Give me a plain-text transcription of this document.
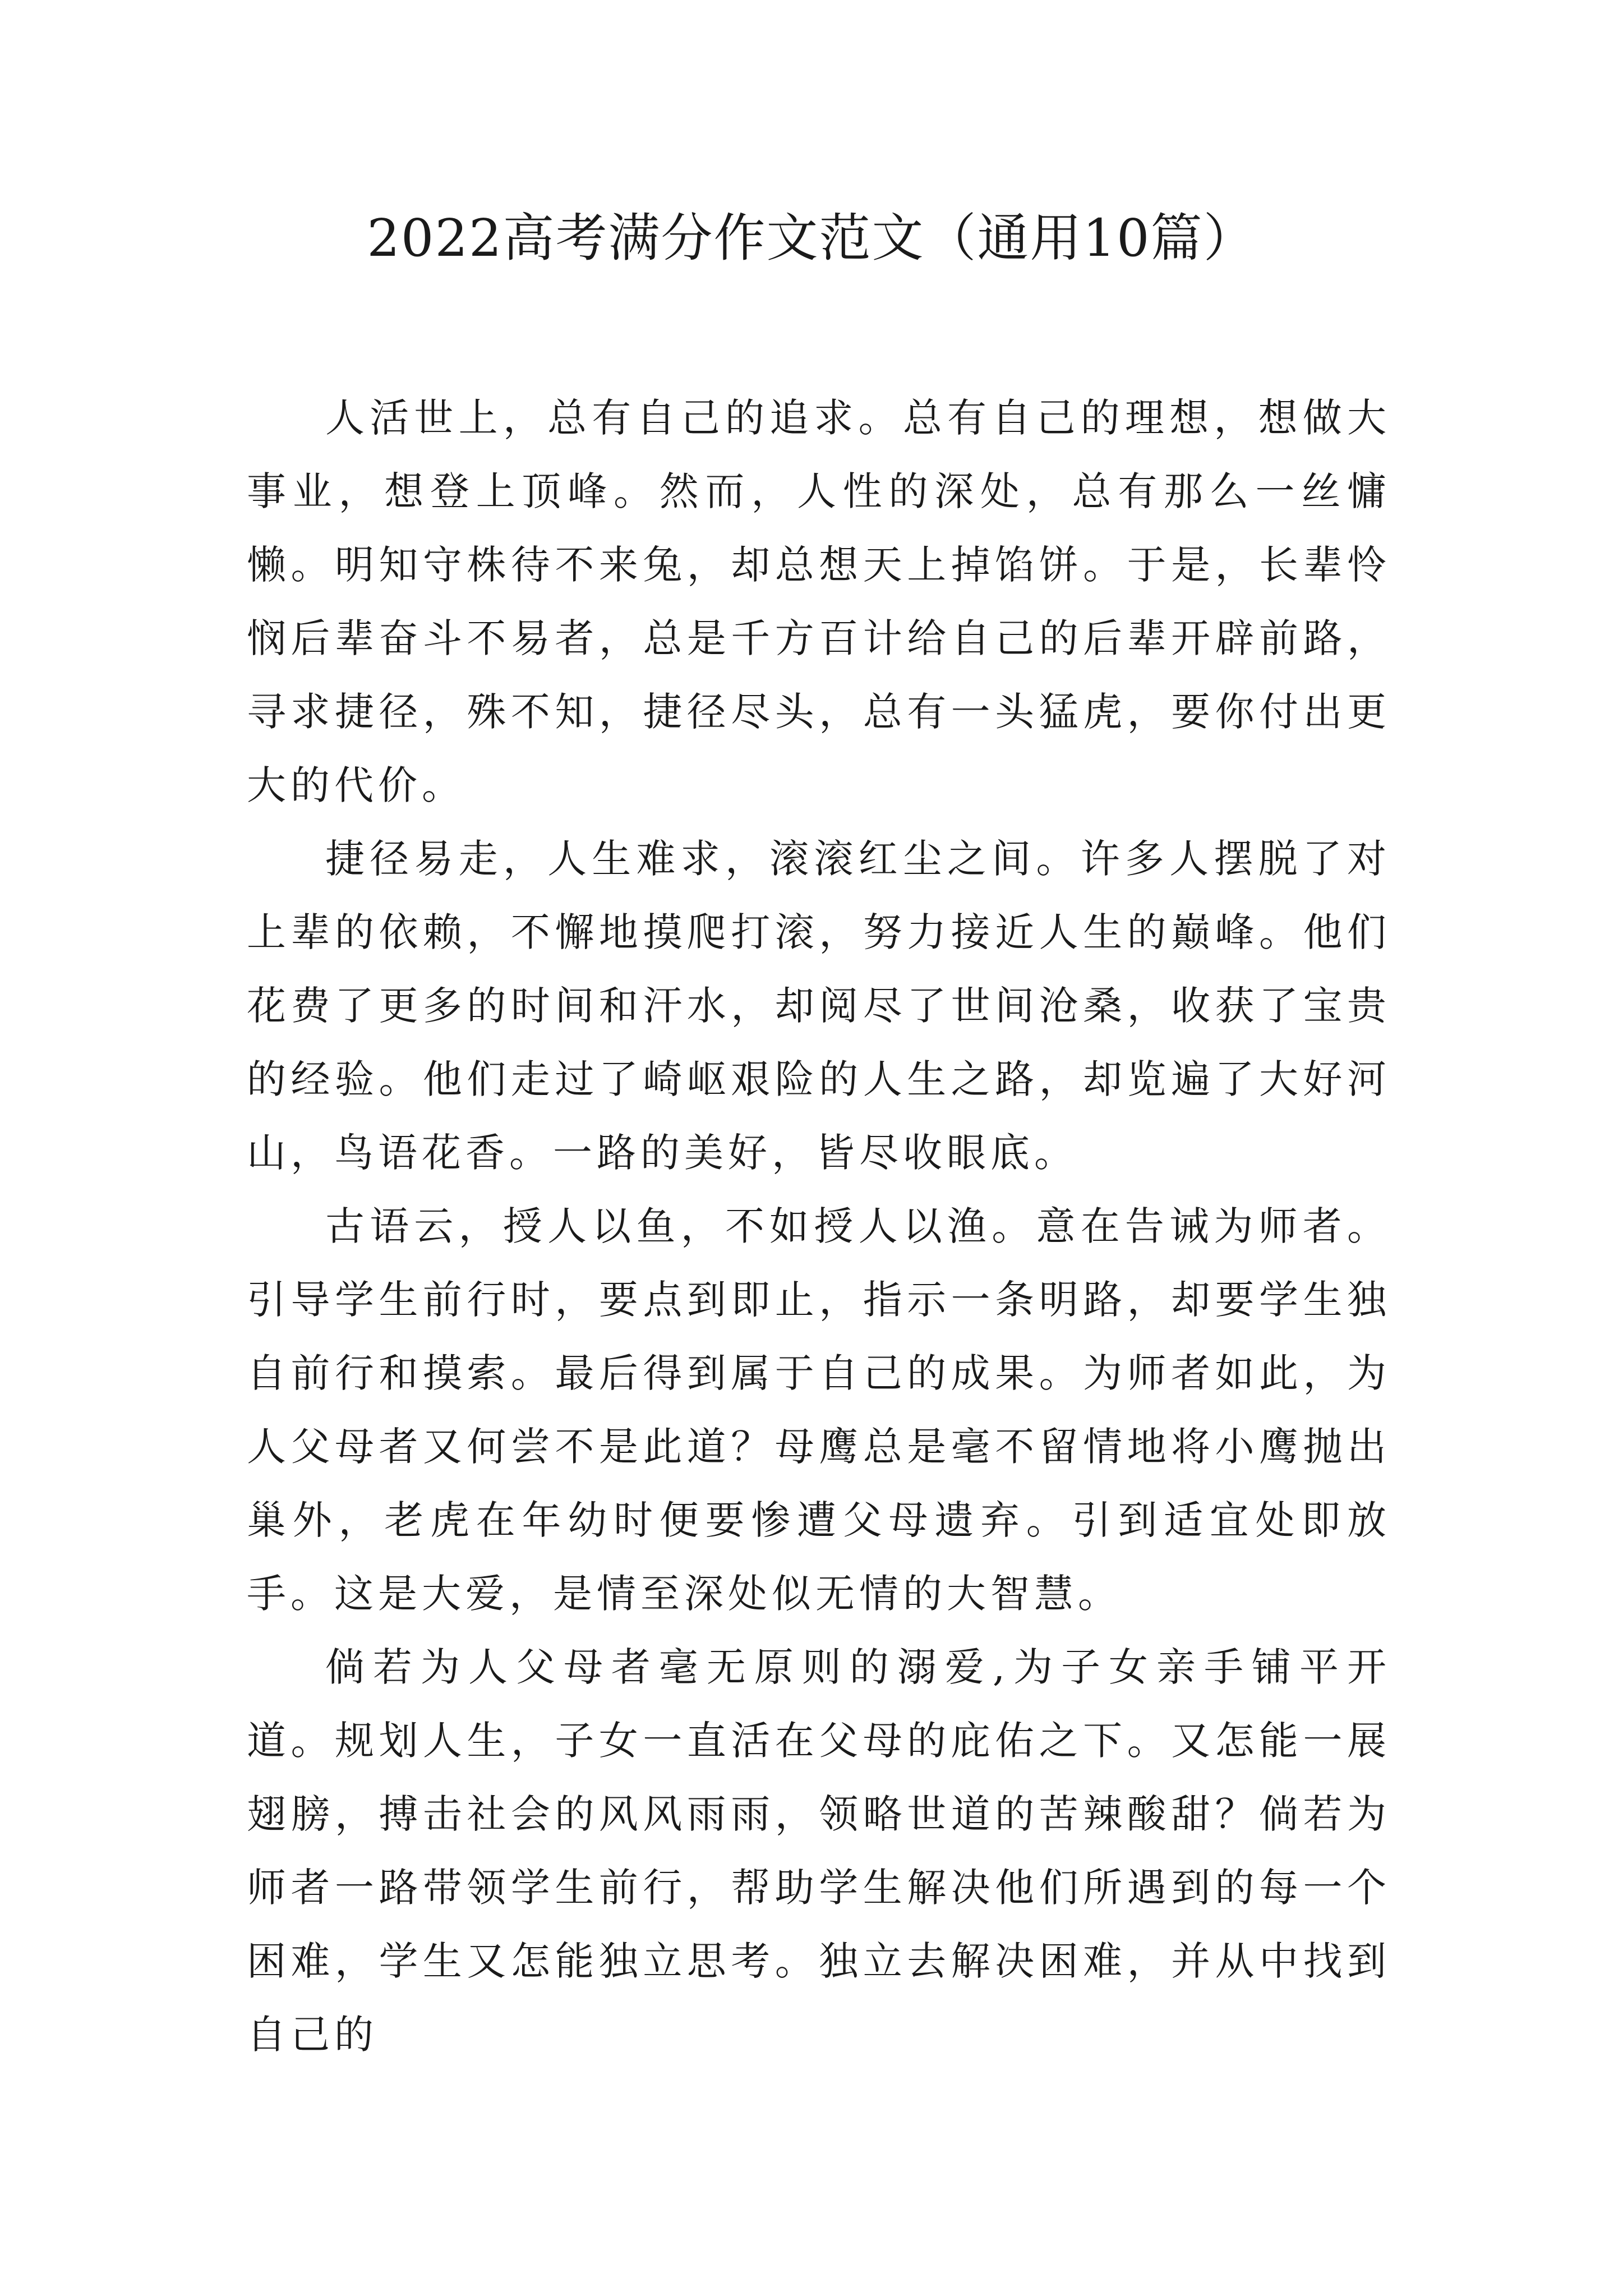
2022高考满分作文范文（通用10篇）

人活世上，总有自己的追求。总有自己的理想，想做大事业，想登上顶峰。然而，人性的深处，总有那么一丝慵懒。明知守株待不来兔，却总想天上掉馅饼。于是，长辈怜悯后辈奋斗不易者，总是千方百计给自己的后辈开辟前路，寻求捷径，殊不知，捷径尽头，总有一头猛虎，要你付出更大的代价。

捷径易走，人生难求，滚滚红尘之间。许多人摆脱了对上辈的依赖，不懈地摸爬打滚，努力接近人生的巅峰。他们花费了更多的时间和汗水，却阅尽了世间沧桑，收获了宝贵的经验。他们走过了崎岖艰险的人生之路，却览遍了大好河山，鸟语花香。一路的美好，皆尽收眼底。

古语云，授人以鱼，不如授人以渔。意在告诫为师者。引导学生前行时，要点到即止，指示一条明路，却要学生独自前行和摸索。最后得到属于自己的成果。为师者如此，为人父母者又何尝不是此道？母鹰总是毫不留情地将小鹰抛出巢外，老虎在年幼时便要惨遭父母遗弃。引到适宜处即放手。这是大爱，是情至深处似无情的大智慧。

倘若为人父母者毫无原则的溺爱,为子女亲手铺平开道。规划人生，子女一直活在父母的庇佑之下。又怎能一展翅膀，搏击社会的风风雨雨，领略世道的苦辣酸甜？倘若为师者一路带领学生前行，帮助学生解决他们所遇到的每一个困难，学生又怎能独立思考。独立去解决困难，并从中找到自己的
